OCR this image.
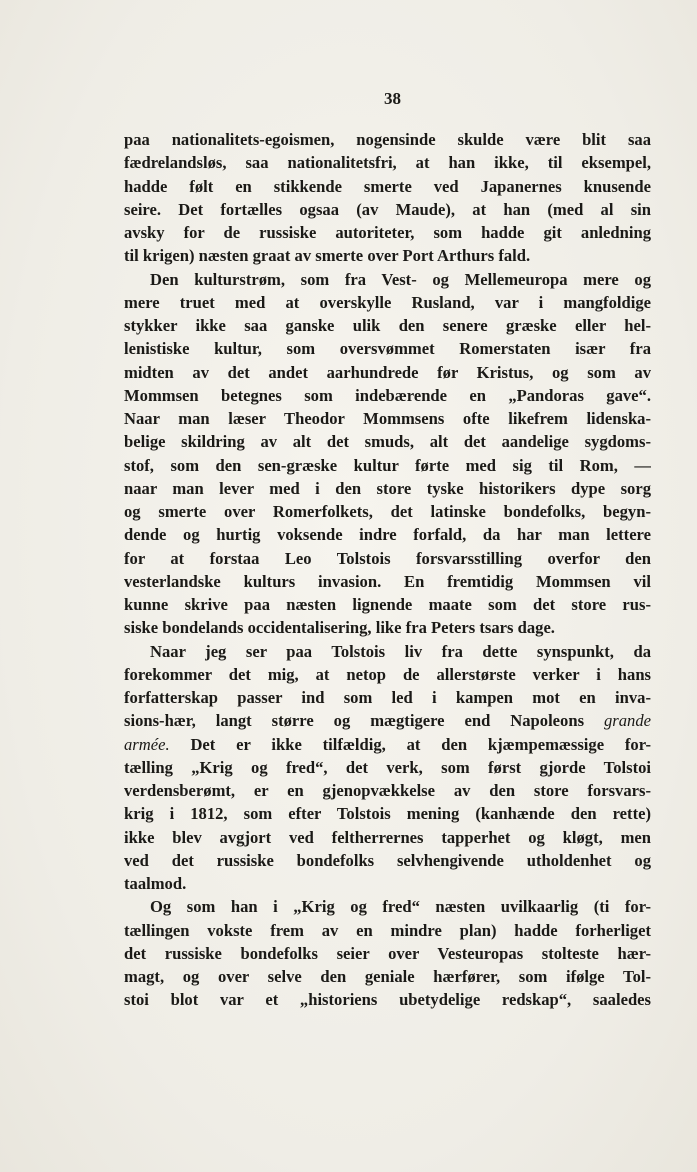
38
paa nationalitets-egoismen, nogensinde skulde være blit saa
fædrelandsløs, saa nationalitetsfri, at han ikke, til eksempel,
hadde følt en stikkende smerte ved Japanernes knusende
seire. Det fortælles ogsaa (av Maude), at han (med al sin
avsky for de russiske autoriteter, som hadde git anledning
til krigen) næsten graat av smerte over Port Arthurs fald.
Den kulturstrøm, som fra Vest- og Mellemeuropa mere og
mere truet med at overskylle Rusland, var i mangfoldige
stykker ikke saa ganske ulik den senere græske eller hel-
lenistiske kultur, som oversvømmet Romerstaten især fra
midten av det andet aarhundrede før Kristus, og som av
Mommsen betegnes som indebærende en „Pandoras gave“.
Naar man læser Theodor Mommsens ofte likefrem lidenska-
belige skildring av alt det smuds, alt det aandelige sygdoms-
stof, som den sen-græske kultur førte med sig til Rom, —
naar man lever med i den store tyske historikers dype sorg
og smerte over Romerfolkets, det latinske bondefolks, begyn-
dende og hurtig voksende indre forfald, da har man lettere
for at forstaa Leo Tolstois forsvarsstilling overfor den
vesterlandske kulturs invasion. En fremtidig Mommsen vil
kunne skrive paa næsten lignende maate som det store rus-
siske bondelands occidentalisering, like fra Peters tsars dage.
Naar jeg ser paa Tolstois liv fra dette synspunkt, da
forekommer det mig, at netop de allerstørste verker i hans
forfatterskap passer ind som led i kampen mot en inva-
sions-hær, langt større og mægtigere end Napoleons grande
armée. Det er ikke tilfældig, at den kjæmpemæssige for-
tælling „Krig og fred“, det verk, som først gjorde Tolstoi
verdensberømt, er en gjenopvækkelse av den store forsvars-
krig i 1812, som efter Tolstois mening (kanhænde den rette)
ikke blev avgjort ved feltherrernes tapperhet og kløgt, men
ved det russiske bondefolks selvhengivende utholdenhet og
taalmod.
Og som han i „Krig og fred“ næsten uvilkaarlig (ti for-
tællingen vokste frem av en mindre plan) hadde forherliget
det russiske bondefolks seier over Vesteuropas stolteste hær-
magt, og over selve den geniale hærfører, som ifølge Tol-
stoi blot var et „historiens ubetydelige redskap“, saaledes
